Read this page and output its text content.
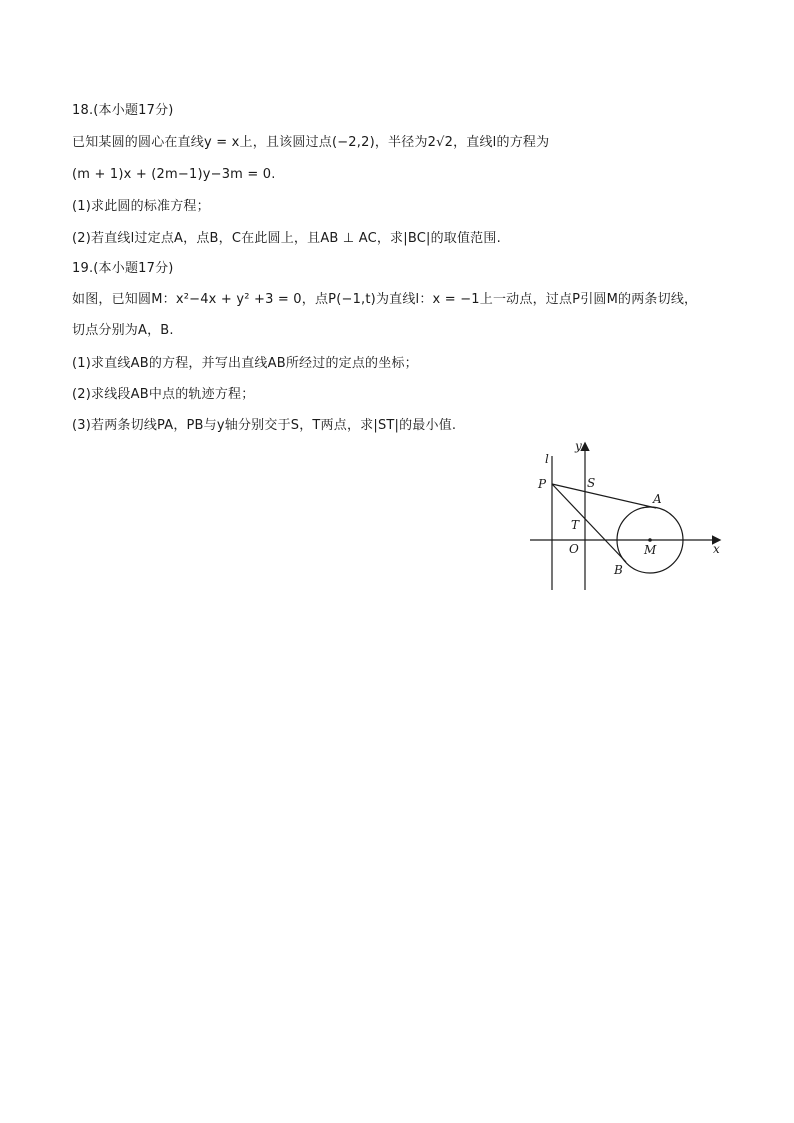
18.(本小题17分)
已知某圆的圆心在直线y = x上，且该圆过点(−2,2)，半径为2√2，直线l的方程为
(m + 1)x + (2m−1)y−3m = 0.
(1)求此圆的标准方程；
(2)若直线l过定点A，点B，C在此圆上，且AB ⊥ AC，求|BC|的取值范围.
19.(本小题17分)
如图，已知圆M：x²−4x + y² +3 = 0，点P(−1,t)为直线l：x = −1上一动点，过点P引圆M的两条切线，
切点分别为A，B.
(1)求直线AB的方程，并写出直线AB所经过的定点的坐标；
(2)求线段AB中点的轨迹方程；
(3)若两条切线PA，PB与y轴分别交于S，T两点，求|ST|的最小值.
l
y
x
P	S
A
T
O	M
B
